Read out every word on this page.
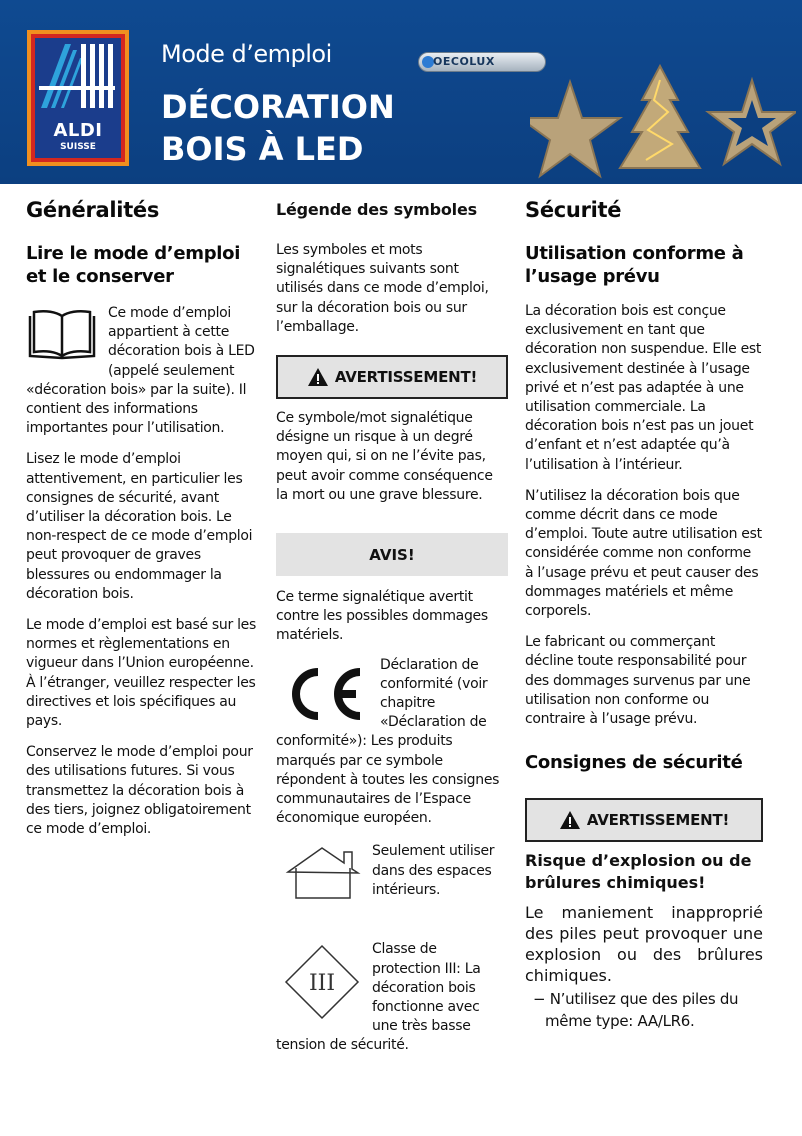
ALDI
SUISSE
Mode d’emploi
DÉCORATION
BOIS À LED
OECOLUX
Généralités
Lire le mode d’emploi et le conserver

Ce mode d’emploi appartient à cette décoration bois à LED (appelé seulement «décoration bois» par la suite). Il contient des informations importantes pour l’utilisation.

Lisez le mode d’emploi attentivement, en particulier les consignes de sécurité, avant d’utiliser la décoration bois. Le non-respect de ce mode d’emploi peut provoquer de graves blessures ou endommager la décoration bois.

Le mode d’emploi est basé sur les normes et règlementations en vigueur dans l’Union européenne. À l’étranger, veuillez respecter les directives et lois spécifiques au pays.

Conservez le mode d’emploi pour des utilisations futures. Si vous transmettez la décoration bois à des tiers, joignez obligatoirement ce mode d’emploi.

Légende des symboles

Les symboles et mots signalétiques suivants sont utilisés dans ce mode d’emploi, sur la décoration bois ou sur l’emballage.

AVERTISSEMENT!

Ce symbole/mot signalétique désigne un risque à un degré moyen qui, si on ne l’évite pas, peut avoir comme conséquence la mort ou une grave blessure.

AVIS!

Ce terme signalétique avertit contre les possibles dommages matériels.

Déclaration de conformité (voir chapitre «Déclaration de conformité»): Les produits marqués par ce symbole répondent à toutes les consignes communautaires de l’Espace économique européen.

Seulement utiliser dans des espaces intérieurs.

III

Classe de protection III: La décoration bois fonctionne avec une très basse tension de sécurité.

Sécurité
Utilisation conforme à l’usage prévu

La décoration bois est conçue exclusivement en tant que décoration non suspendue. Elle est exclusivement destinée à l’usage privé et n’est pas adaptée à une utilisation commerciale. La décoration bois n’est pas un jouet d’enfant et n’est adaptée qu’à l’utilisation à l’intérieur.

N’utilisez la décoration bois que comme décrit dans ce mode d’emploi. Toute autre utilisation est considérée comme non conforme à l’usage prévu et peut causer des dommages matériels et même corporels.

Le fabricant ou commerçant décline toute responsabilité pour des dommages survenus par une utilisation non conforme ou contraire à l’usage prévu.

Consignes de sécurité
AVERTISSEMENT!
Risque d’explosion ou de brûlures chimiques!

Le maniement inapproprié des piles peut provoquer une explosion ou des brûlures chimiques.

− N’utilisez que des piles du même type: AA/LR6.
